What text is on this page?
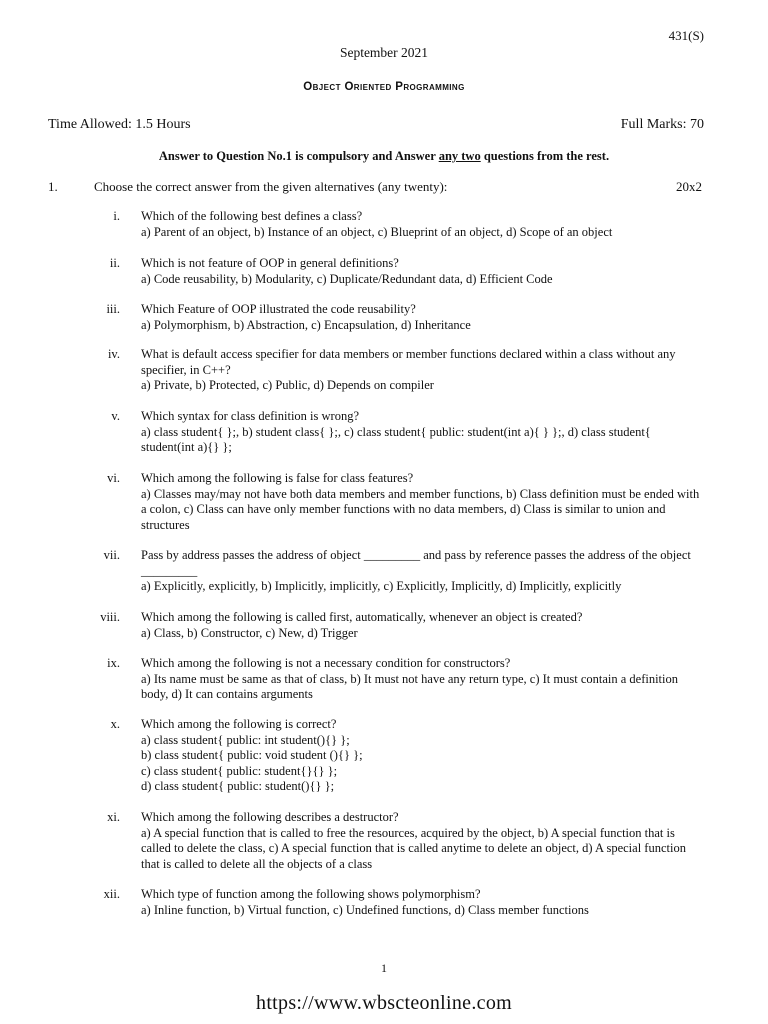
431(S)
September 2021
Object Oriented Programming
Time Allowed: 1.5 Hours	Full Marks: 70
Answer to Question No.1 is compulsory and Answer any two questions from the rest.
1.	Choose the correct answer from the given alternatives (any twenty):	20x2
i. Which of the following best defines a class?
a) Parent of an object, b) Instance of an object, c) Blueprint of an object, d) Scope of an object
ii. Which is not feature of OOP in general definitions?
a) Code reusability, b) Modularity, c) Duplicate/Redundant data, d) Efficient Code
iii. Which Feature of OOP illustrated the code reusability?
a) Polymorphism, b) Abstraction, c) Encapsulation, d) Inheritance
iv. What is default access specifier for data members or member functions declared within a class without any specifier, in C++?
a) Private, b) Protected, c) Public, d) Depends on compiler
v. Which syntax for class definition is wrong?
a) class student{ };, b) student class{ };, c) class student{ public: student(int a){ } };, d) class student{ student(int a){} };
vi. Which among the following is false for class features?
a) Classes may/may not have both data members and member functions, b) Class definition must be ended with a colon, c) Class can have only member functions with no data members, d) Class is similar to union and structures
vii. Pass by address passes the address of object _________ and pass by reference passes the address of the object _________
a) Explicitly, explicitly, b) Implicitly, implicitly, c) Explicitly, Implicitly, d) Implicitly, explicitly
viii. Which among the following is called first, automatically, whenever an object is created?
a) Class, b) Constructor, c) New, d) Trigger
ix. Which among the following is not a necessary condition for constructors?
a) Its name must be same as that of class, b) It must not have any return type, c) It must contain a definition body, d) It can contains arguments
x. Which among the following is correct?
a) class student{ public: int student(){} };
b) class student{ public: void student (){} };
c) class student{ public: student{}{} };
d) class student{ public: student(){} };
xi. Which among the following describes a destructor?
a) A special function that is called to free the resources, acquired by the object, b) A special function that is called to delete the class, c) A special function that is called anytime to delete an object, d) A special function that is called to delete all the objects of a class
xii. Which type of function among the following shows polymorphism?
a) Inline function, b) Virtual function, c) Undefined functions, d) Class member functions
1
https://www.wbscteonline.com
